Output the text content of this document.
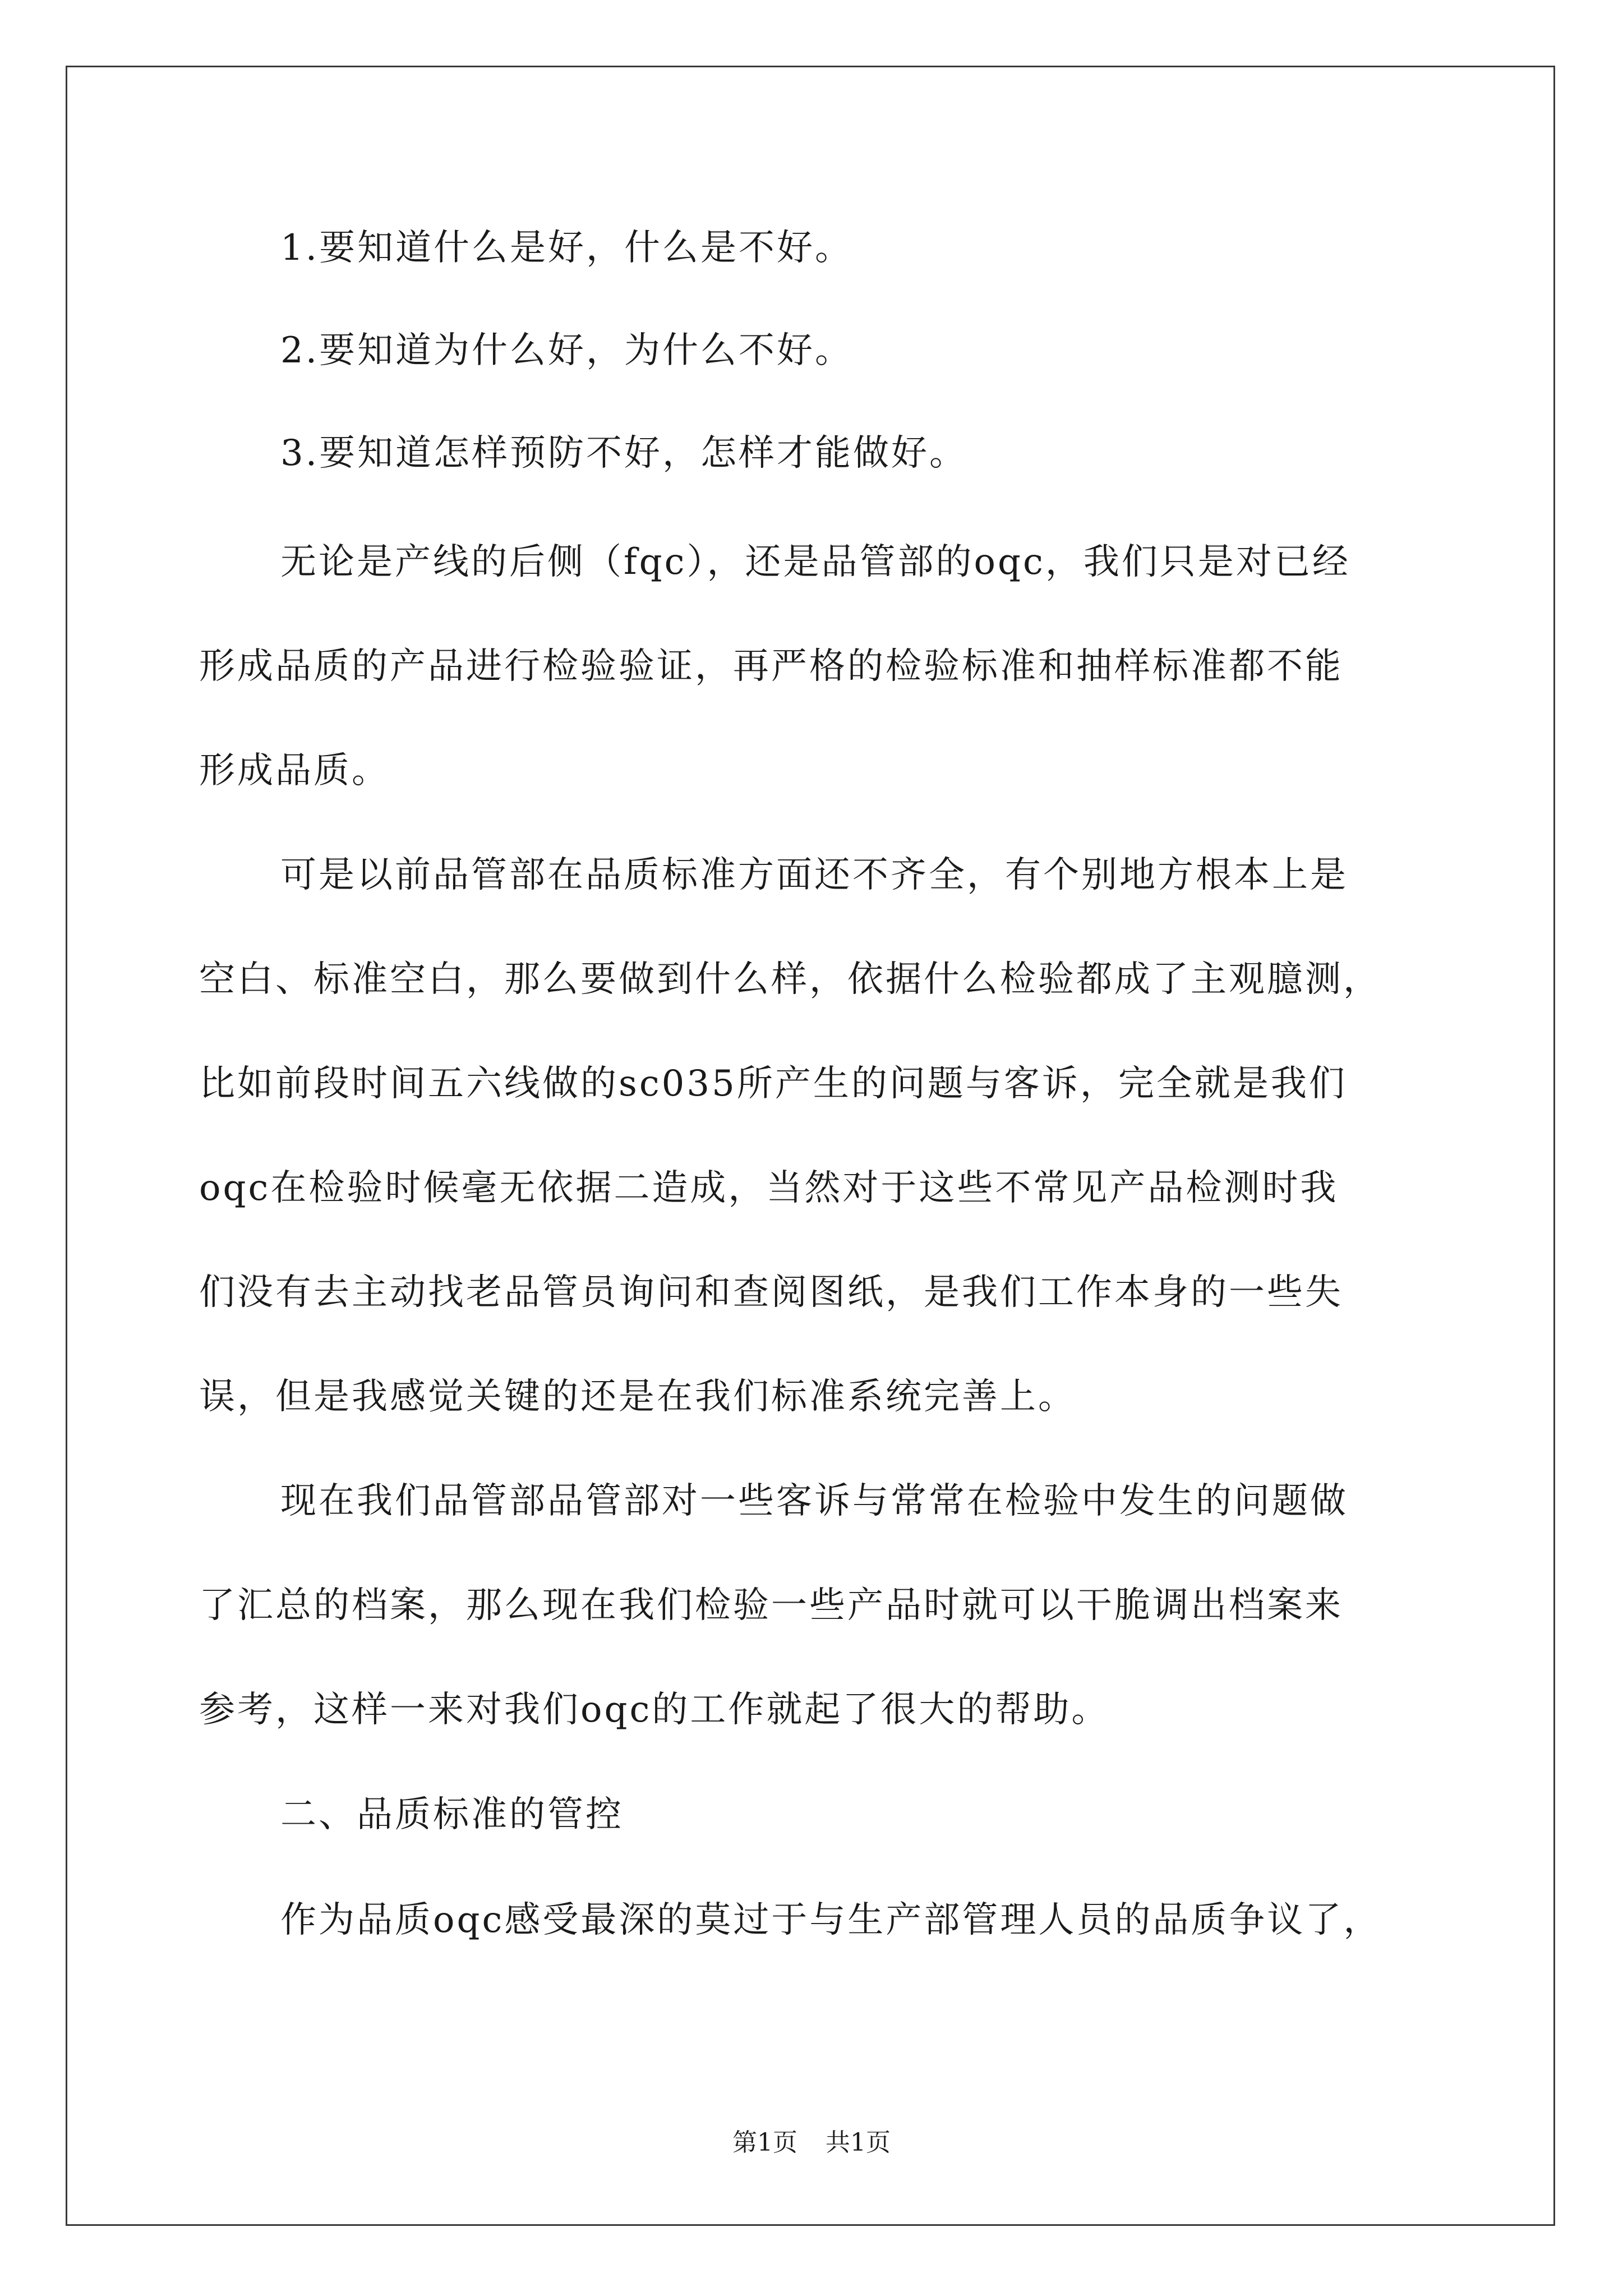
1.要知道什么是好，什么是不好。
2.要知道为什么好，为什么不好。
3.要知道怎样预防不好，怎样才能做好。
无论是产线的后侧（fqc），还是品管部的oqc，我们只是对已经
形成品质的产品进行检验验证，再严格的检验标准和抽样标准都不能
形成品质。
可是以前品管部在品质标准方面还不齐全，有个别地方根本上是
空白、标准空白，那么要做到什么样，依据什么检验都成了主观臆测，
比如前段时间五六线做的sc035所产生的问题与客诉，完全就是我们
oqc在检验时候毫无依据二造成，当然对于这些不常见产品检测时我
们没有去主动找老品管员询问和查阅图纸，是我们工作本身的一些失
误，但是我感觉关键的还是在我们标准系统完善上。
现在我们品管部品管部对一些客诉与常常在检验中发生的问题做
了汇总的档案，那么现在我们检验一些产品时就可以干脆调出档案来
参考，这样一来对我们oqc的工作就起了很大的帮助。
二、品质标准的管控
作为品质oqc感受最深的莫过于与生产部管理人员的品质争议了，
第1页 共1页
